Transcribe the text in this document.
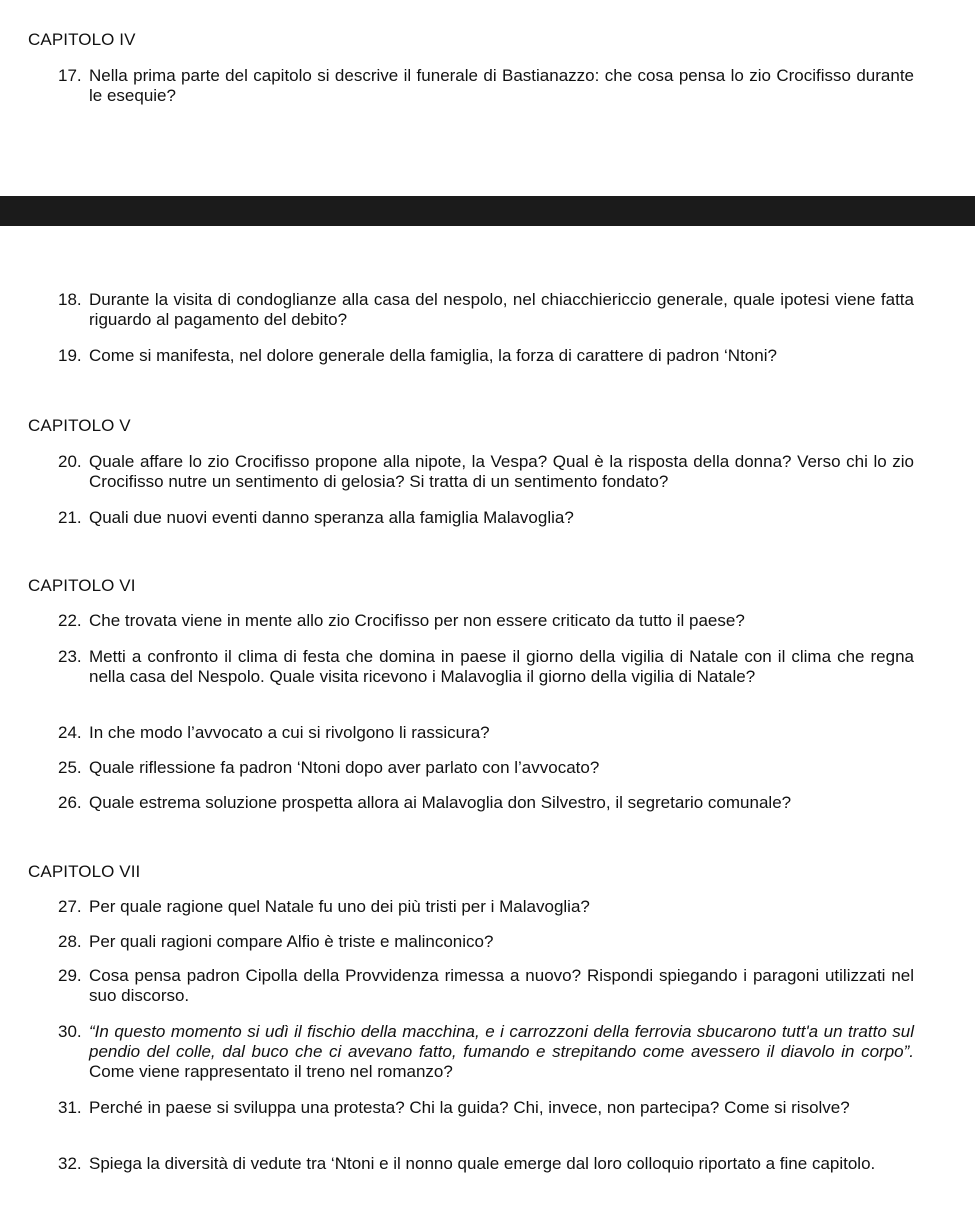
CAPITOLO IV
17. Nella prima parte del capitolo si descrive il funerale di Bastianazzo: che cosa pensa lo zio Crocifisso durante le esequie?
18. Durante la visita di condoglianze alla casa del nespolo, nel chiacchiericcio generale, quale ipotesi viene fatta riguardo al pagamento del debito?
19. Come si manifesta, nel dolore generale della famiglia, la forza di carattere di padron ‘Ntoni?
CAPITOLO V
20. Quale affare lo zio Crocifisso propone alla nipote, la Vespa? Qual è la risposta della donna? Verso chi lo zio Crocifisso nutre un sentimento di gelosia? Si tratta di un sentimento fondato?
21. Quali due nuovi eventi danno speranza alla famiglia Malavoglia?
CAPITOLO VI
22. Che trovata viene in mente allo zio Crocifisso per non essere criticato da tutto il paese?
23. Metti a confronto il clima di festa che domina in paese il giorno della vigilia di Natale con il clima che regna nella casa del Nespolo. Quale visita ricevono i Malavoglia il giorno della vigilia di Natale?
24. In che modo l’avvocato a cui si rivolgono li rassicura?
25. Quale riflessione fa padron ‘Ntoni dopo aver parlato con l’avvocato?
26. Quale estrema soluzione prospetta allora ai Malavoglia don Silvestro, il segretario comunale?
CAPITOLO VII
27. Per quale ragione quel Natale fu uno dei più tristi per i Malavoglia?
28. Per quali ragioni compare Alfio è triste e malinconico?
29. Cosa pensa padron Cipolla della Provvidenza rimessa a nuovo? Rispondi spiegando i paragoni utilizzati nel suo discorso.
30. “In questo momento si udì il fischio della macchina, e i carrozzoni della ferrovia sbucarono tutt'a un tratto sul pendio del colle, dal buco che ci avevano fatto, fumando e strepitando come avessero il diavolo in corpo”. Come viene rappresentato il treno nel romanzo?
31. Perché in paese si sviluppa una protesta? Chi la guida? Chi, invece, non partecipa? Come si risolve?
32. Spiega la diversità di vedute tra ‘Ntoni e il nonno quale emerge dal loro colloquio riportato a fine capitolo.
